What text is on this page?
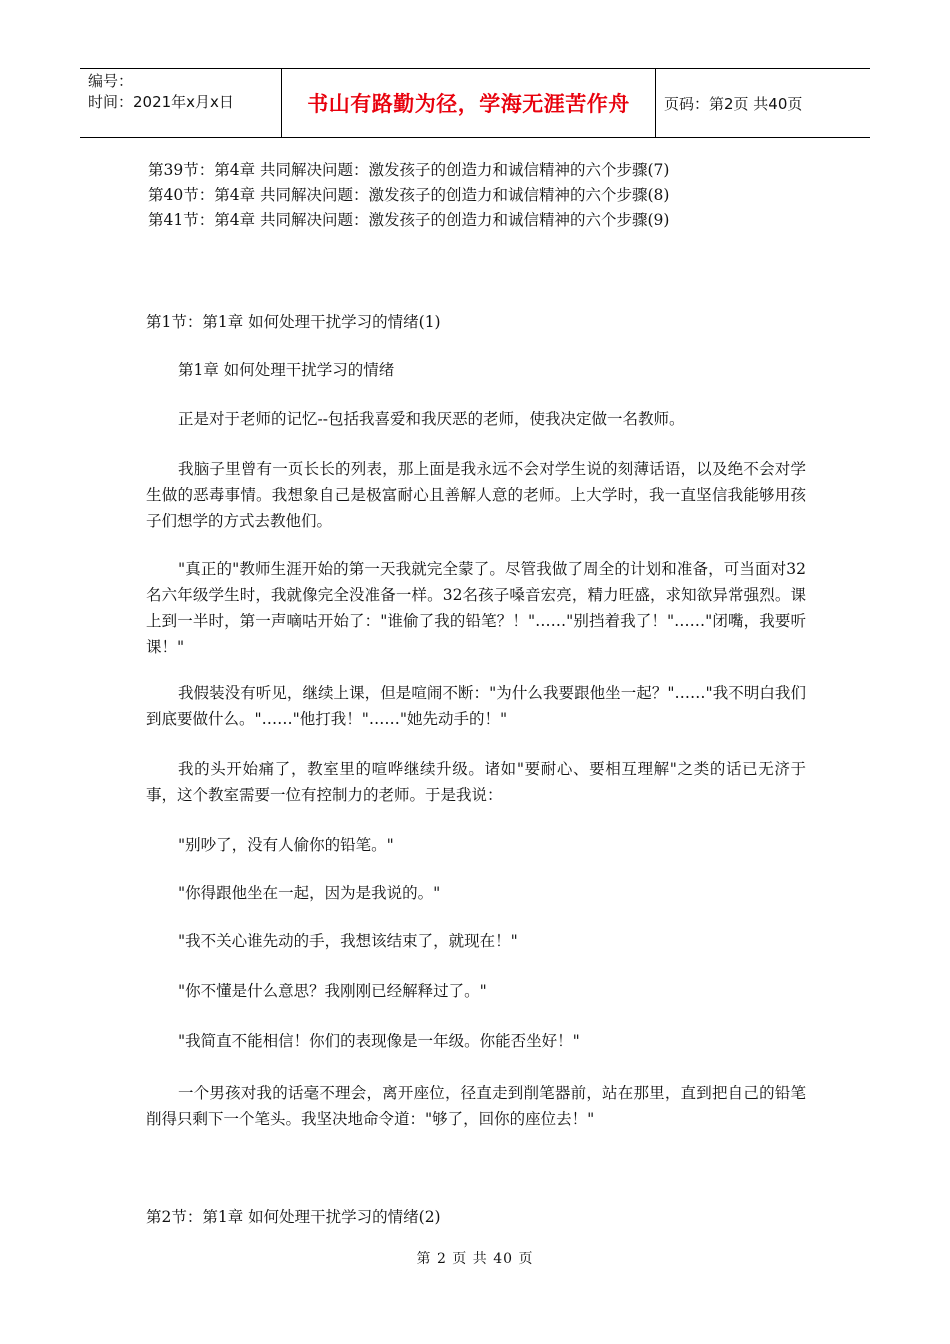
编号：
时间：2021年x月x日	书山有路勤为径，学海无涯苦作舟	页码：第2页 共40页
第39节：第4章 共同解决问题：激发孩子的创造力和诚信精神的六个步骤(7)
第40节：第4章 共同解决问题：激发孩子的创造力和诚信精神的六个步骤(8)
第41节：第4章 共同解决问题：激发孩子的创造力和诚信精神的六个步骤(9)
第1节：第1章 如何处理干扰学习的情绪(1)
第1章 如何处理干扰学习的情绪
正是对于老师的记忆--包括我喜爱和我厌恶的老师，使我决定做一名教师。
我脑子里曾有一页长长的列表，那上面是我永远不会对学生说的刻薄话语，以及绝不会对学生做的恶毒事情。我想象自己是极富耐心且善解人意的老师。上大学时，我一直坚信我能够用孩子们想学的方式去教他们。
"真正的"教师生涯开始的第一天我就完全蒙了。尽管我做了周全的计划和准备，可当面对32名六年级学生时，我就像完全没准备一样。32名孩子嗓音宏亮，精力旺盛，求知欲异常强烈。课上到一半时，第一声嘀咕开始了："谁偷了我的铅笔？！"……"别挡着我了！"……"闭嘴，我要听课！"
我假装没有听见，继续上课，但是喧闹不断："为什么我要跟他坐一起？"……"我不明白我们到底要做什么。"……"他打我！"……"她先动手的！"
我的头开始痛了，教室里的喧哗继续升级。诸如"要耐心、要相互理解"之类的话已无济于事，这个教室需要一位有控制力的老师。于是我说：
"别吵了，没有人偷你的铅笔。"
"你得跟他坐在一起，因为是我说的。"
"我不关心谁先动的手，我想该结束了，就现在！"
"你不懂是什么意思？我刚刚已经解释过了。"
"我简直不能相信！你们的表现像是一年级。你能否坐好！"
一个男孩对我的话毫不理会，离开座位，径直走到削笔器前，站在那里，直到把自己的铅笔削得只剩下一个笔头。我坚决地命令道："够了，回你的座位去！"
第2节：第1章 如何处理干扰学习的情绪(2)
第 2 页 共 40 页
